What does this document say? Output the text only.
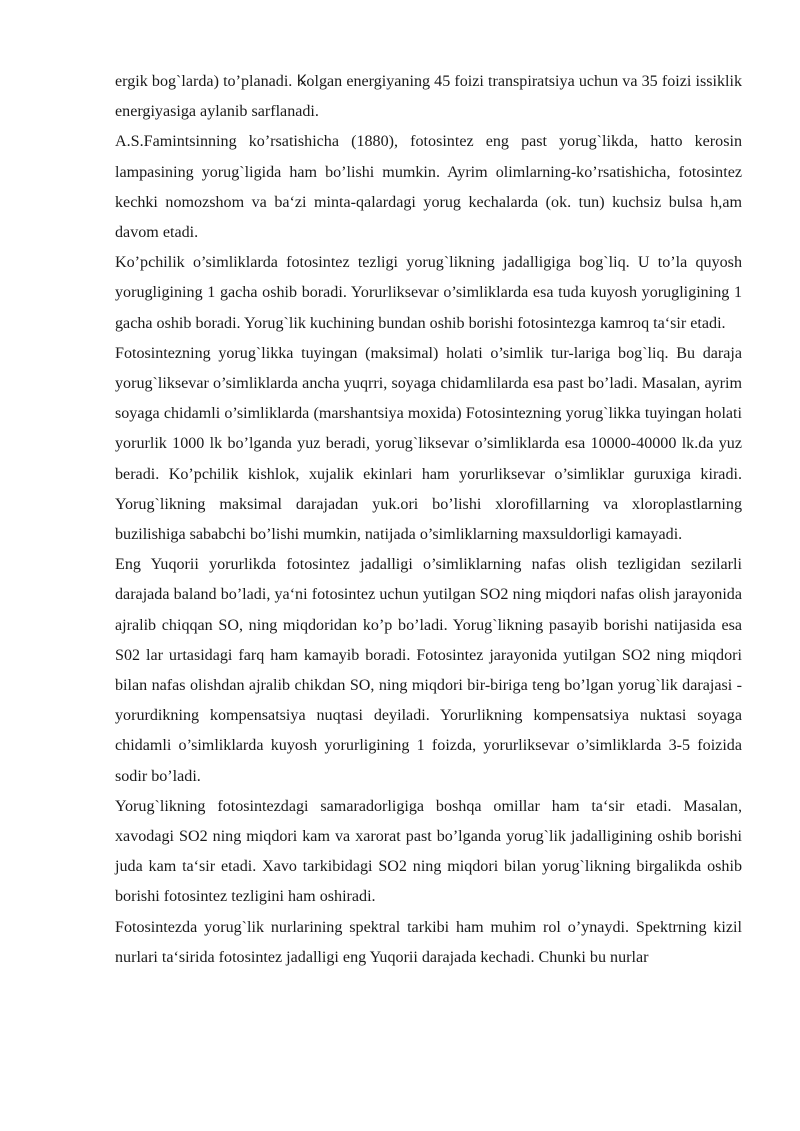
ergik bog`larda) to’planadi. Ꝃolgan energiyaning 45 foizi transpiratsiya uchun va 35 foizi issiklik energiyasiga aylanib sarflanadi.

A.S.Famintsinning ko’rsatishicha (1880), fotosintez eng past yorug`likda, hatto kerosin lampasining yorug`ligida ham bo’lishi mumkin. Ayrim olimlarning-ko’rsatishicha, fotosintez kechki nomozshom va ba‘zi minta-qalardagi yorug kechalarda (ok. tun) kuchsiz bulsa h,am davom etadi.

Ko’pchilik o’simliklarda fotosintez tezligi yorug`likning jadalligiga bog`liq. U to’la quyosh yorugligining 1 gacha oshib boradi. Yorurliksevar o’simliklarda esa tuda kuyosh yorugligining 1 gacha oshib boradi. Yorug`lik kuchining bundan oshib borishi fotosintezga kamroq ta‘sir etadi.

Fotosintezning yorug`likka tuyingan (maksimal) holati o’simlik tur-lariga bog`liq. Bu daraja yorug`liksevar o’simliklarda ancha yuqrri, soyaga chidamlilarda esa past bo’ladi. Masalan, ayrim soyaga chidamli o’simliklarda (marshantsiya moxida) Fotosintezning yorug`likka tuyingan holati yorurlik 1000 lk bo’lganda yuz beradi, yorug`liksevar o’simliklarda esa 10000-40000 lk.da yuz beradi. Ko’pchilik kishlok, xujalik ekinlari ham yorurliksevar o’simliklar guruxiga kiradi. Yorug`likning maksimal darajadan yuk.ori bo’lishi xlorofillarning va xloroplastlarning buzilishiga sababchi bo’lishi mumkin, natijada o’simliklarning maxsuldorligi kamayadi.

Eng Yuqorii yorurlikda fotosintez jadalligi o’simliklarning nafas olish tezligidan sezilarli darajada baland bo’ladi, ya‘ni fotosintez uchun yutilgan SO2 ning miqdori nafas olish jarayonida ajralib chiqqan SO, ning miqdoridan ko’p bo’ladi. Yorug`likning pasayib borishi natijasida esa S02 lar urtasidagi farq ham kamayib boradi. Fotosintez jarayonida yutilgan SO2 ning miqdori bilan nafas olishdan ajralib chikdan SO, ning miqdori bir-biriga teng bo’lgan yorug`lik darajasi - yorurdikning kompensatsiya nuqtasi deyiladi. Yorurlikning kompensatsiya nuktasi soyaga chidamli o’simliklarda kuyosh yorurligining 1 foizda, yorurliksevar o’simliklarda 3-5 foizida sodir bo’ladi.

Yorug`likning fotosintezdagi samaradorligiga boshqa omillar ham ta‘sir etadi. Masalan, xavodagi SO2 ning miqdori kam va xarorat past bo’lganda yorug`lik jadalligining oshib borishi juda kam ta‘sir etadi. Xavo tarkibidagi SO2 ning miqdori bilan yorug`likning birgalikda oshib borishi fotosintez tezligini ham oshiradi.

Fotosintezda yorug`lik nurlarining spektral tarkibi ham muhim rol o’ynaydi. Spektrning kizil nurlari ta‘sirida fotosintez jadalligi eng Yuqorii darajada kechadi. Chunki bu nurlar
